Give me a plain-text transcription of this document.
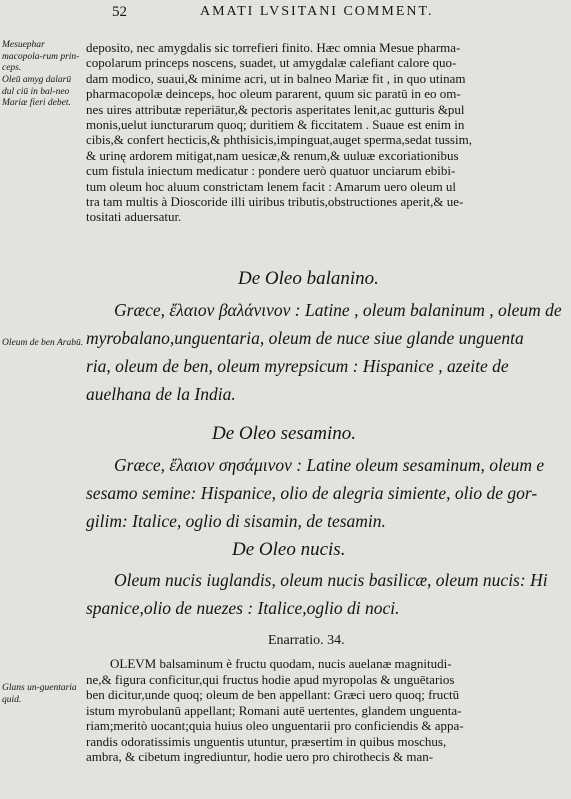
52	AMATI LVSITANI COMMENT.
Mesuephar macopola-rum prin-ceps.
Oleū amyg dalarū dul ciū in bal-neo Mariæ fieri debet.
Oleum de ben Arabū.
Glans un-guentaria quid.
deposito, nec amygdalis sic torrefieri finito. Hæc omnia Mesue pharma-
copolarum princeps noscens, suadet, ut amygdalæ calefiant calore quo-
dam modico, suaui,& minime acri, ut in balneo Mariæ fit , in quo utinam
pharmacopolæ deinceps, hoc oleum pararent, quum sic paratū in eo om-
nes uires attributæ reperiātur,& pectoris asperitates lenit,ac gutturis &pul
monis,uelut iuncturarum quoq; duritiem & ficcitatem . Suaue est enim in
cibis,& confert hecticis,& phthisicis,impinguat,auget sperma,sedat tussim,
& urinę ardorem mitigat,nam uesicæ,& renum,& uuluæ excoriationibus
cum fistula iniectum medicatur : pondere uerò quatuor unciarum ebibi-
tum oleum hoc aluum constrictam lenem facit : Amarum uero oleum ul
tra tam multis à Dioscoride illi uiribus tributis,obstructiones aperit,& ue-
tositati aduersatur.
De Oleo balanino.
Græce, ἔλαιον βαλάνινον : Latine , oleum balaninum , oleum de
myrobalano,unguentaria, oleum de nuce siue glande unguenta
ria, oleum de ben, oleum myrepsicum : Hispanice , azeite de
auelhana de la India.
De Oleo sesamino.
Græce, ἔλαιον σησάμινον : Latine oleum sesaminum, oleum e
sesamo semine: Hispanice, olio de alegria simiente, olio de gor-
gilim: Italice, oglio di sisamin, de tesamin.
De Oleo nucis.
Oleum nucis iuglandis, oleum nucis basilicæ, oleum nucis: Hi
spanice,olio de nuezes : Italice,oglio di noci.
Enarratio. 34.
OLEVM balsaminum è fructu quodam, nucis auelanæ magnitudi-
ne,& figura conficitur,qui fructus hodie apud myropolas & unguētarios
ben dicitur,unde quoq; oleum de ben appellant: Græci uero quoq; fructū
istum myrobulanū appellant; Romani autē uertentes, glandem unguenta-
riam;meritò uocant;quia huius oleo unguentarii pro conficiendis & appa-
randis odoratissimis unguentis utuntur, præsertim in quibus moschus,
ambra, & cibetum ingrediuntur, hodie uero pro chirothecis & man-
